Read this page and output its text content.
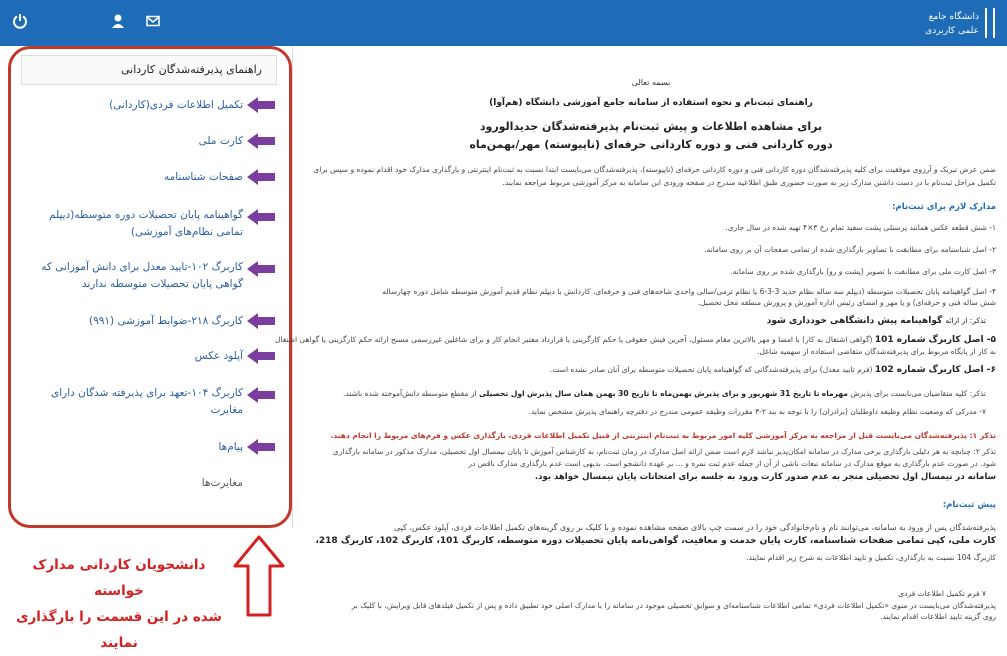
دانشگاه جامع
علمی کاربردی
راهنمای پذیرفته‌شدگان کاردانی
تکمیل اطلاعات فردی(کاردانی)
کارت ملی
صفحات شناسنامه
گواهینامه پایان تحصیلات دوره متوسطه(دیپلم تمامی نظام‌های آموزشی)
کاربرگ ۱۰۲-تایید معدل برای دانش آموزانی که گواهی پایان تحصیلات متوسطه ندارند
کاربرگ ۲۱۸-ضوابط آموزشی (۹۹۱)
آپلود عکس
کاربرگ ۱۰۴-تعهد برای پذیرفته شدگان دارای مغایرت
پیام‌ها
مغایرت‌ها
دانشجویان کاردانی مدارک خواسته
شده در این قسمت را بارگذاری نمایند
بسمه تعالی
راهنمای ثبت‌نام و نحوه استفاده از سامانه جامع آموزشی دانشگاه (هم‌آوا)
برای مشاهده اطلاعات و پیش ثبت‌نام پذیرفته‌شدگان جدیدالورود
دوره کاردانی فنی و دوره کاردانی حرفه‌ای (ناپیوسته) مهر/بهمن‌ماه
ضمن عرض تبریک و آرزوی موفقیت برای کلیه پذیرفته‌شدگان دوره کاردانی فنی و دوره کاردانی حرفه‌ای (ناپیوسته)، پذیرفته‌شدگان می‌بایست ابتدا نسبت به ثبت‌نام اینترنتی و بارگذاری مدارک خود اقدام نموده و سپس برای
تکمیل مراحل ثبت‌نام با در دست داشتن مدارک زیر به صورت حضوری طبق اطلاعیه مندرج در صفحه ورودی این سامانه به مرکز آموزشی مربوط مراجعه نمایند.
مدارک لازم برای ثبت‌نام:
۱- شش قطعه عکس همانند پرسنلی پشت سفید تمام رخ ۳×۴ تهیه شده در سال جاری.
۲- اصل شناسنامه برای مطابقت با تصاویر بارگذاری شده از تمامی صفحات آن بر روی سامانه.
۳- اصل کارت ملی برای مطابقت با تصویر (پشت و رو) بارگذاری شده بر روی سامانه.
۴- اصل گواهینامه پایان تحصیلات متوسطه (دیپلم سه ساله نظام جدید 3-3-6 یا نظام ترمی/سالی واحدی شاخه‌های فنی و حرفه‌ای، کاردانش یا دیپلم نظام قدیم آموزش متوسطه شامل دوره چهارساله
شش ساله فنی و حرفه‌ای) و یا مهر و امضای رئیس اداره آموزش و پرورش منطقه محل تحصیل.
تذکر: از ارائه گواهینامه پیش دانشگاهی خودداری شود
۵- اصل کاربرگ شماره 101 (گواهی اشتغال به کار) با امضا و مهر بالاترین مقام مسئول، آخرین فیش حقوقی یا حکم کارگزینی یا قرارداد معتبر انجام کار و برای شاغلین غیررسمی مسنح ارائه حکم کارگزینی یا گواهی اشتغال
به کار از پایگاه مربوط برای پذیرفته‌شدگان متقاضی استفاده از سهمیه شاغل.
۶- اصل کاربرگ شماره 102 (فرم تایید معدل) برای پذیرفته‌شدگانی که گواهینامه پایان تحصیلات متوسطه برای آنان صادر نشده است.
تذکر: کلیه متقاضیان می‌بایست برای پذیرش مهرماه تا تاریخ 31 شهریور و برای پذیرش بهمن‌ماه تا تاریخ 30 بهمن همان سال پذیرش اول تحصیلی از مقطع متوسطه دانش‌آموخته شده باشند.
۷- مدرکی که وضعیت نظام وظیفه داوطلبان (برادران) را با توجه به بند ۲-۳ مقررات وظیفه عمومی مندرج در دفترچه راهنمای پذیرش مشخص نماید.
تذکر ۱: پذیرفته‌شدگان می‌بایست قبل از مراجعه به مرکز آموزشی کلیه امور مربوط به ثبت‌نام اینترنتی از قبیل تکمیل اطلاعات فردی، بارگذاری عکس و فرم‌های مربوط را انجام دهند.
تذکر ۲: چنانچه به هر دلیلی بارگذاری برخی مدارک در سامانه امکان‌پذیر نباشد لازم است ضمن ارائه اصل مدارک در زمان ثبت‌نام، به کارشناس آموزش تا پایان نیمسال اول تحصیلی، مدارک مذکور در سامانه بارگذاری
شود. در صورت عدم بارگذاری به موقع مدارک در سامانه تبعات ناشی از آن از جمله عدم ثبت نمره و ... بر عهده دانشجو است. بدیهی است عدم بارگذاری مدارک ناقص در
سامانه در نیمسال اول تحصیلی منجر به عدم صدور کارت ورود به جلسه برای امتحانات پایان نیمسال خواهد بود.
پیش ثبت‌نام:
پذیرفته‌شدگان پس از ورود به سامانه، می‌توانند نام و نام‌خانوادگی خود را در سمت چپ بالای صفحه مشاهده نموده و با کلیک بر روی گزینه‌های تکمیل اطلاعات فردی، آپلود عکس، کپی
کارت ملی، کپی تمامی صفحات شناسنامه، کارت پایان خدمت و معافیت، گواهی‌نامه پایان تحصیلات دوره متوسطه، کاربرگ 101، کاربرگ 102، کاربرگ 218،
کاربرگ 104 نسبت به بارگذاری، تکمیل و تایید اطلاعات به شرح زیر اقدام نمایند.
۷ فرم تکمیل اطلاعات فردی
پذیرفته‌شدگان می‌بایست در منوی «تکمیل اطلاعات فردی» تمامی اطلاعات شناسنامه‌ای و سوابق تحصیلی موجود در سامانه را با مدارک اصلی خود تطبیق داده و پس از تکمیل فیلدهای قابل ویرایش، با کلیک بر
روی گزینه تایید اطلاعات اقدام نمایند.
